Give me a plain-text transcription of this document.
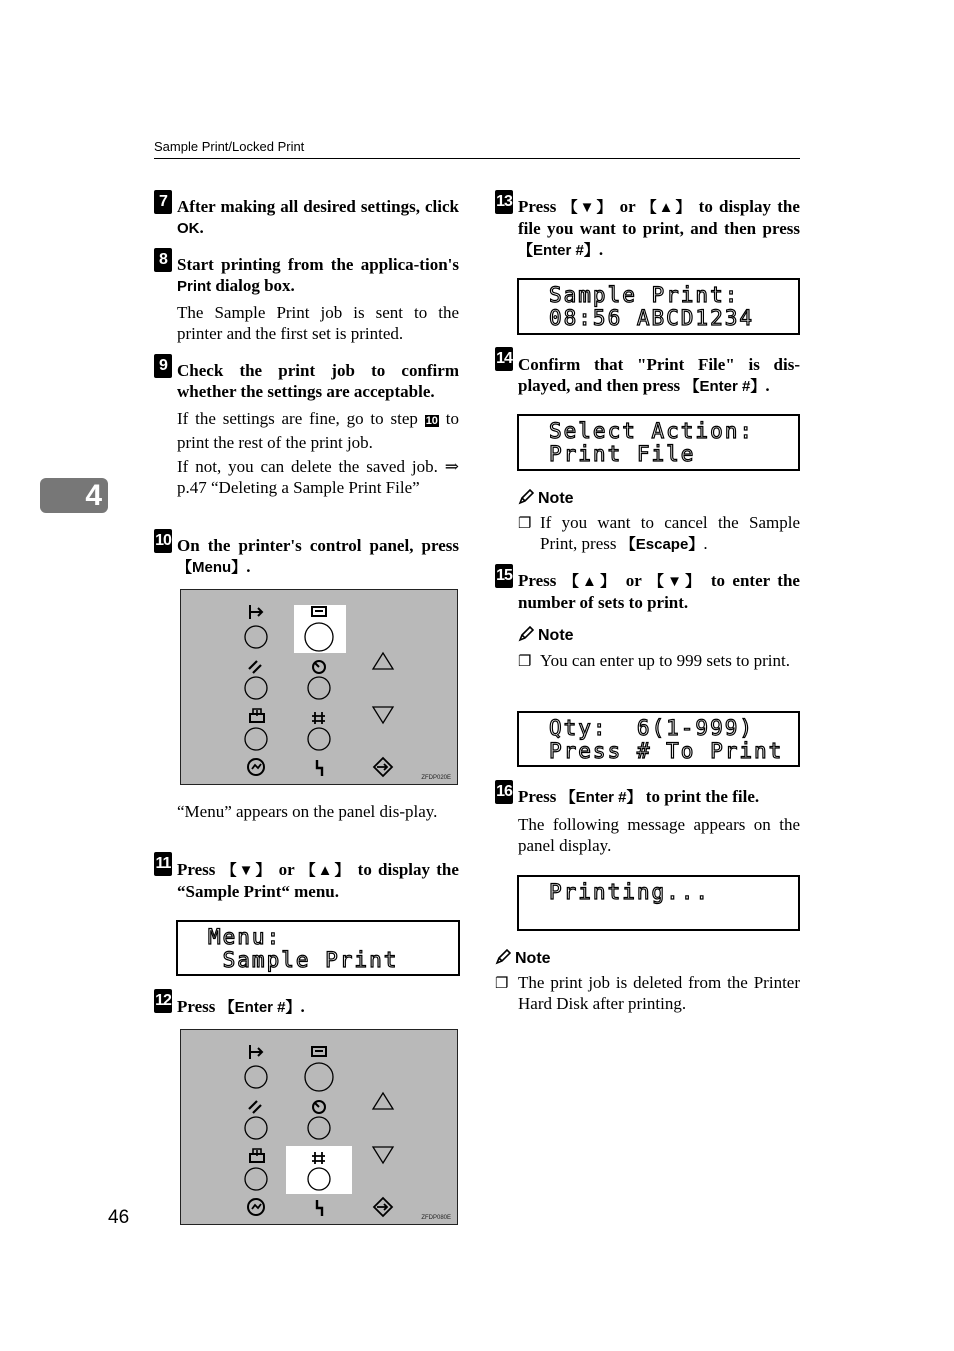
Sample Print/Locked Print
4
46
7 After making all desired settings, click OK.
8 Start printing from the applica-tion's Print dialog box.
The Sample Print job is sent to the printer and the first set is printed.
9 Check the print job to confirm whether the settings are acceptable.
If the settings are fine, go to step 10 to print the rest of the print job.
If not, you can delete the saved job. ⇒ p.47 “Deleting a Sample Print File”
10 On the printer's control panel, press 【Menu】.
ZFDP020E
“Menu” appears on the panel dis-play.
11 Press 【▼】 or 【▲】 to display the “Sample Print“ menu.
Menu:
Sample Print
12 Press 【Enter #】.
ZFDP080E
13 Press 【▼】 or 【▲】 to display the file you want to print, and then press 【Enter #】.
Sample Print:
08:56 ABCD1234
14 Confirm that "Print File" is dis-played, and then press 【Enter #】.
Select Action:
Print File
Note
❐ If you want to cancel the Sample Print, press 【Escape】.
15 Press 【▲】 or 【▼】 to enter the number of sets to print.
Note
❐ You can enter up to 999 sets to print.
Qty:  6(1-999)
Press # To Print
16 Press 【Enter #】 to print the file.
The following message appears on the panel display.
Printing...
Note
❐ The print job is deleted from the Printer Hard Disk after printing.
